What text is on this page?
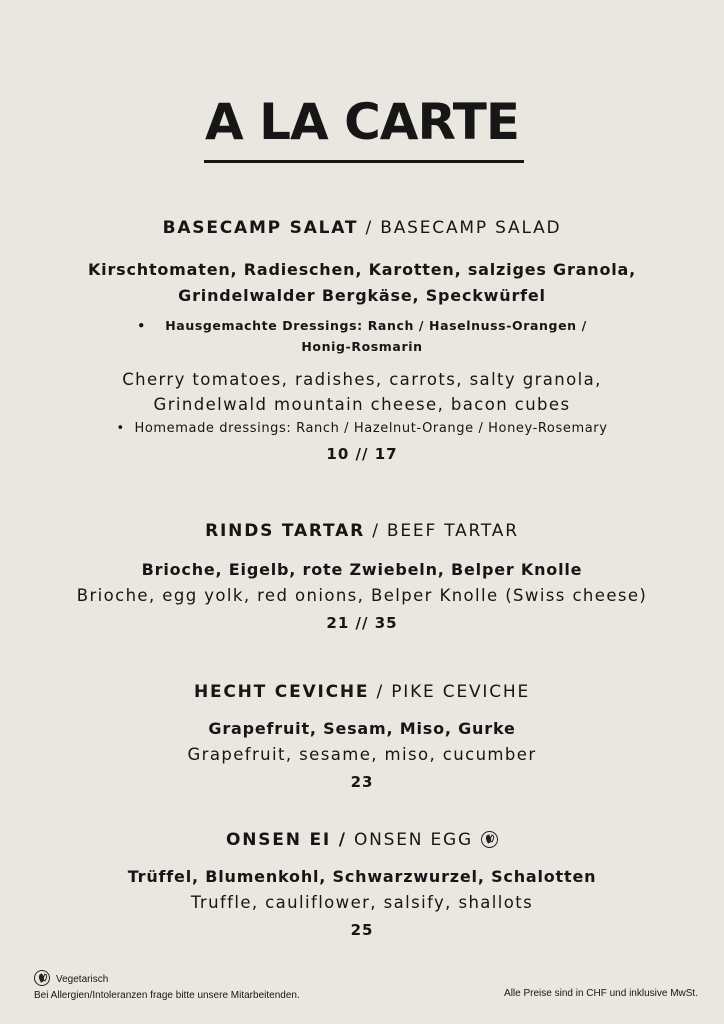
A LA CARTE
BASECAMP SALAT / BASECAMP SALAD
Kirschtomaten, Radieschen, Karotten, salziges Granola,
Grindelwalder Bergkäse, Speckwürfel
• Hausgemachte Dressings: Ranch / Haselnuss-Orangen /
Honig-Rosmarin
Cherry tomatoes, radishes, carrots, salty granola,
Grindelwald mountain cheese, bacon cubes
• Homemade dressings: Ranch / Hazelnut-Orange / Honey-Rosemary
10 // 17
RINDS TARTAR / BEEF TARTAR
Brioche, Eigelb, rote Zwiebeln, Belper Knolle
Brioche, egg yolk, red onions, Belper Knolle (Swiss cheese)
21 // 35
HECHT CEVICHE / PIKE CEVICHE
Grapefruit, Sesam, Miso, Gurke
Grapefruit, sesame, miso, cucumber
23
ONSEN EI / ONSEN EGG
Trüffel, Blumenkohl, Schwarzwurzel, Schalotten
Truffle, cauliflower, salsify, shallots
25
Vegetarisch
Bei Allergien/Intoleranzen frage bitte unsere Mitarbeitenden.	Alle Preise sind in CHF und inklusive MwSt.
